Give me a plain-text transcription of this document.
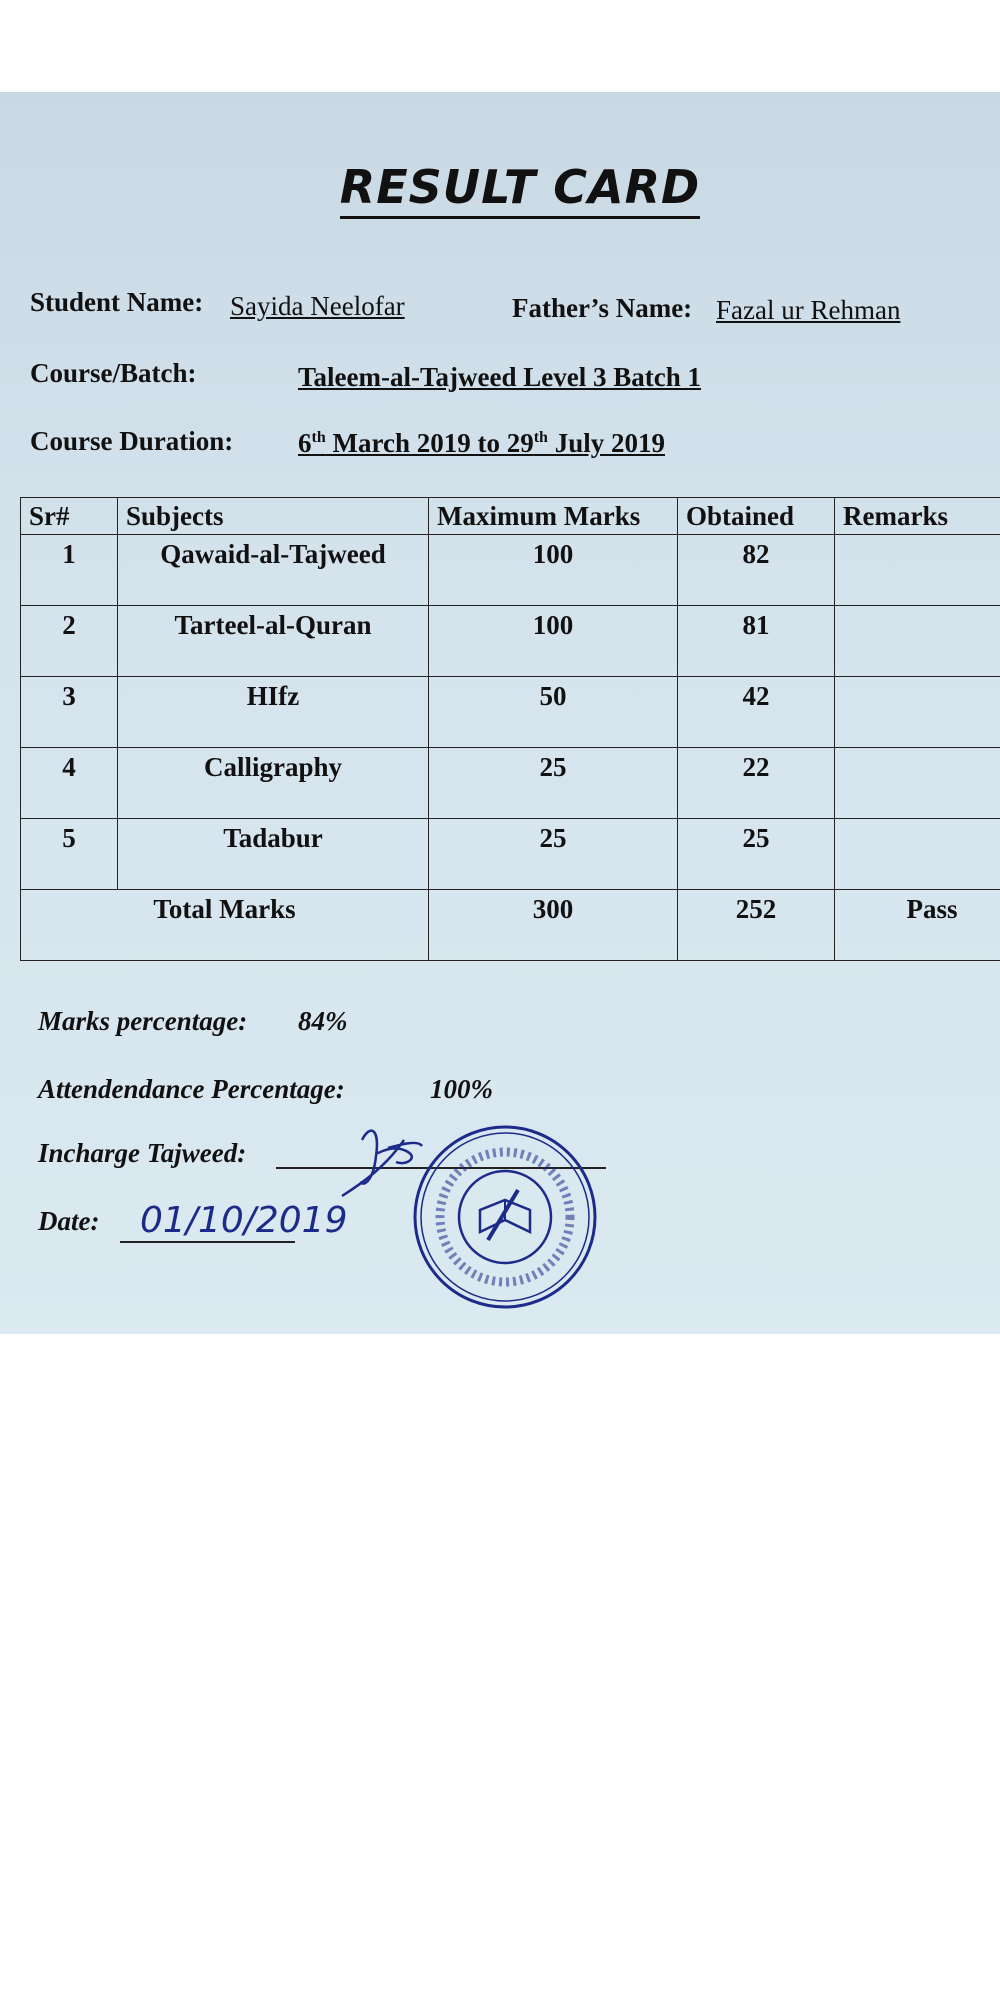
RESULT CARD
Student Name: Sayida Neelofar	Father’s Name: Fazal ur Rehman
Course/Batch:	Taleem-al-Tajweed Level 3 Batch 1
Course Duration: 6th March 2019 to 29th July 2019
Sr#	Subjects	Maximum Marks	Obtained	Remarks
1	Qawaid-al-Tajweed	100	82	
2	Tarteel-al-Quran	100	81	
3	HIfz	50	42	
4	Calligraphy	25	22	
5	Tadabur	25	25	
Total Marks		300	252	Pass
Marks percentage: 84%
Attendendance Percentage:	100%
Incharge Tajweed:
Date: 01/10/2019
